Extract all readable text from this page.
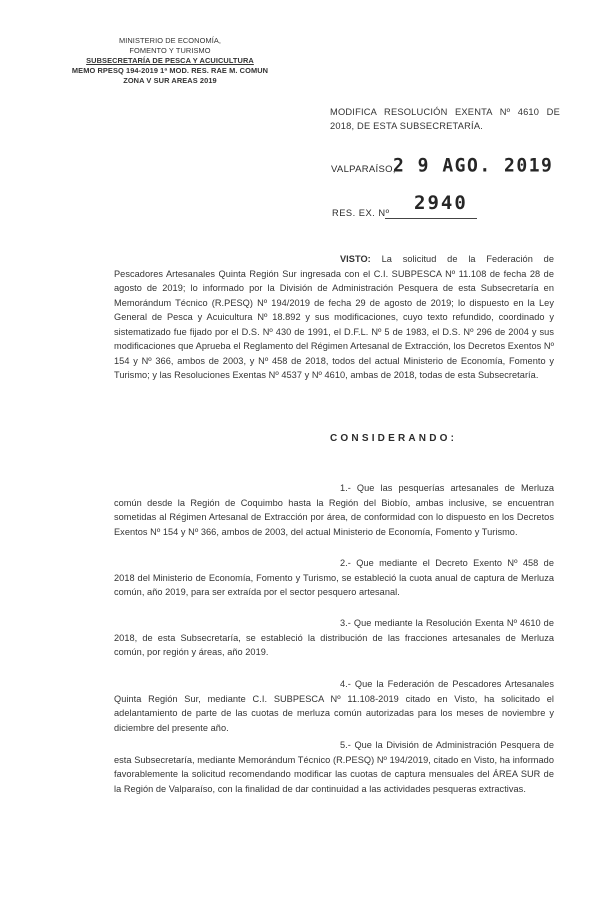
MINISTERIO DE ECONOMÍA,
FOMENTO Y TURISMO
SUBSECRETARÍA DE PESCA Y ACUICULTURA
MEMO RPESQ 194-2019 1ª MOD. RES. RAE M. COMUN
ZONA V SUR AREAS 2019
MODIFICA RESOLUCIÓN EXENTA Nº 4610 DE 2018, DE ESTA SUBSECRETARÍA.
VALPARAÍSO,
2 9 AGO. 2019
RES. EX. Nº 2940

VISTO: La solicitud de la Federación de Pescadores Artesanales Quinta Región Sur ingresada con el C.I. SUBPESCA Nº 11.108 de fecha 28 de agosto de 2019; lo informado por la División de Administración Pesquera de esta Subsecretaría en Memorándum Técnico (R.PESQ) Nº 194/2019 de fecha 29 de agosto de 2019; lo dispuesto en la Ley General de Pesca y Acuicultura Nº 18.892 y sus modificaciones, cuyo texto refundido, coordinado y sistematizado fue fijado por el D.S. Nº 430 de 1991, el D.F.L. Nº 5 de 1983, el D.S. Nº 296 de 2004 y sus modificaciones que Aprueba el Reglamento del Régimen Artesanal de Extracción, los Decretos Exentos Nº 154 y Nº 366, ambos de 2003, y Nº 458 de 2018, todos del actual Ministerio de Economía, Fomento y Turismo; y las Resoluciones Exentas Nº 4537 y Nº 4610, ambas de 2018, todas de esta Subsecretaría.

CONSIDERANDO:

1.- Que las pesquerías artesanales de Merluza común desde la Región de Coquimbo hasta la Región del Biobío, ambas inclusive, se encuentran sometidas al Régimen Artesanal de Extracción por área, de conformidad con lo dispuesto en los Decretos Exentos Nº 154 y Nº 366, ambos de 2003, del actual Ministerio de Economía, Fomento y Turismo.

2.- Que mediante el Decreto Exento Nº 458 de 2018 del Ministerio de Economía, Fomento y Turismo, se estableció la cuota anual de captura de Merluza común, año 2019, para ser extraída por el sector pesquero artesanal.

3.- Que mediante la Resolución Exenta Nº 4610 de 2018, de esta Subsecretaría, se estableció la distribución de las fracciones artesanales de Merluza común, por región y áreas, año 2019.

4.- Que la Federación de Pescadores Artesanales Quinta Región Sur, mediante C.I. SUBPESCA Nº 11.108-2019 citado en Visto, ha solicitado el adelantamiento de parte de las cuotas de merluza común autorizadas para los meses de noviembre y diciembre del presente año.

5.- Que la División de Administración Pesquera de esta Subsecretaría, mediante Memorándum Técnico (R.PESQ) Nº 194/2019, citado en Visto, ha informado favorablemente la solicitud recomendando modificar las cuotas de captura mensuales del ÁREA SUR de la Región de Valparaíso, con la finalidad de dar continuidad a las actividades pesqueras extractivas.
